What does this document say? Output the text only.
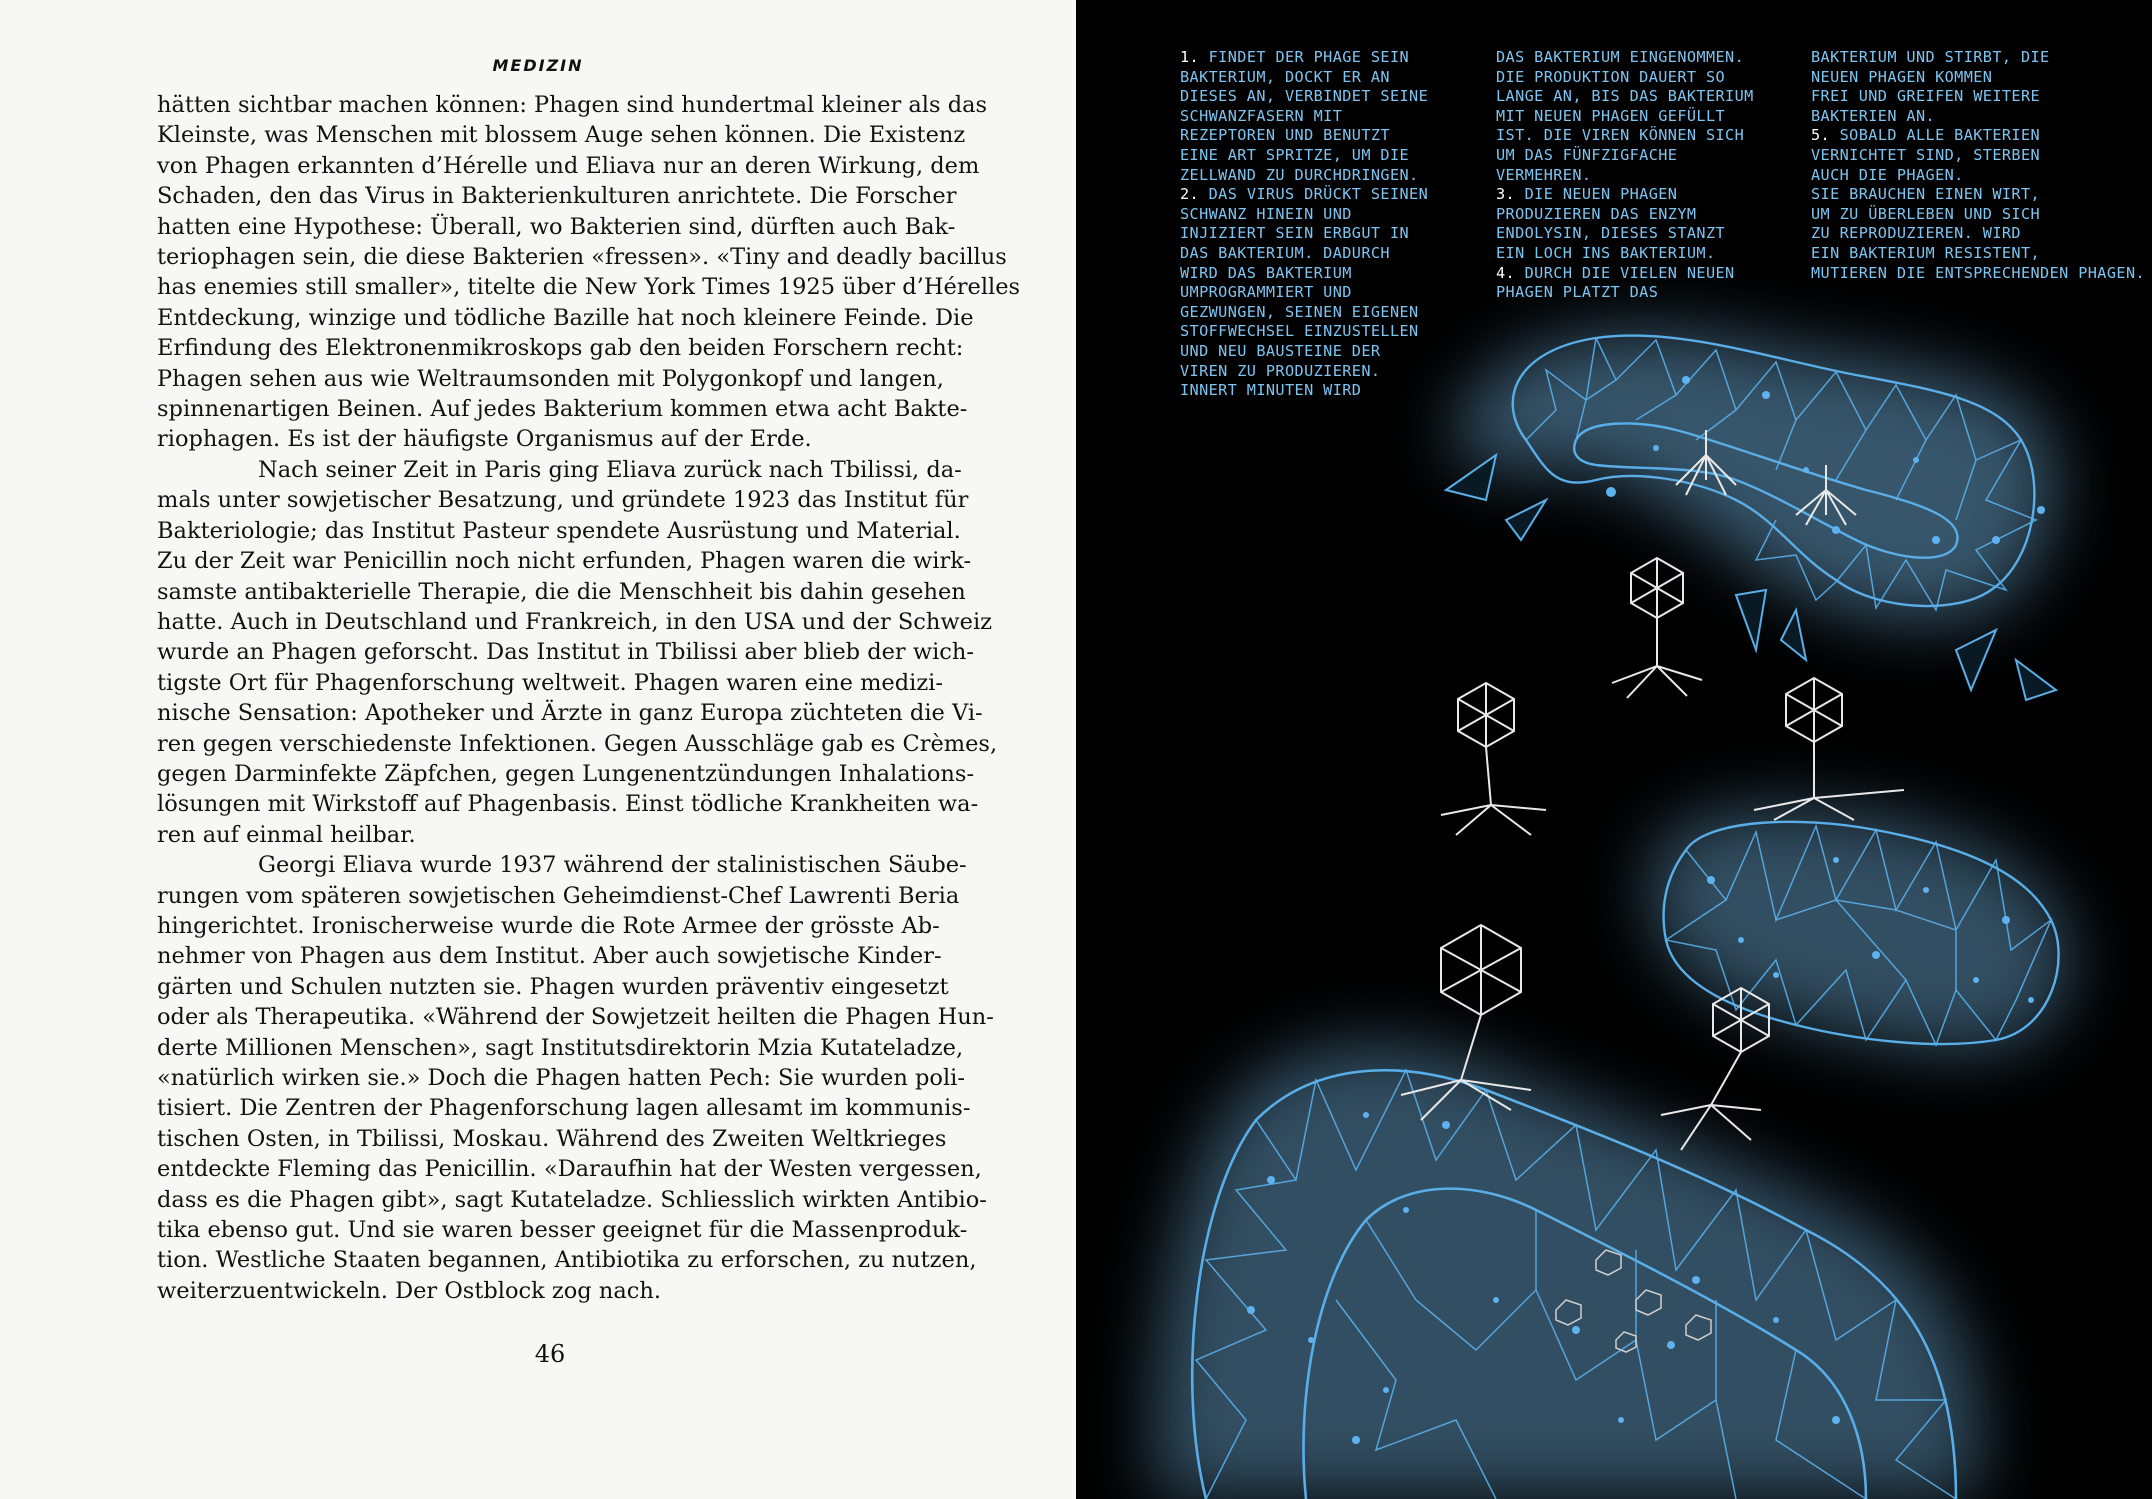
MEDIZIN
hätten sichtbar machen können: Phagen sind hundertmal kleiner als das
Kleinste, was Menschen mit blossem Auge sehen können. Die Existenz
von Phagen erkannten d’Hérelle und Eliava nur an deren Wirkung, dem
Schaden, den das Virus in Bakterienkulturen anrichtete. Die Forscher
hatten eine Hypothese: Überall, wo Bakterien sind, dürften auch Bak-
teriophagen sein, die diese Bakterien «fressen». «Tiny and deadly bacillus
has enemies still smaller», titelte die New York Times 1925 über d’Hérelles
Entdeckung, winzige und tödliche Bazille hat noch kleinere Feinde. Die
Erfindung des Elektronenmikroskops gab den beiden Forschern recht:
Phagen sehen aus wie Weltraumsonden mit Polygonkopf und langen,
spinnenartigen Beinen. Auf jedes Bakterium kommen etwa acht Bakte-
riophagen. Es ist der häufigste Organismus auf der Erde.
Nach seiner Zeit in Paris ging Eliava zurück nach Tbilissi, da-
mals unter sowjetischer Besatzung, und gründete 1923 das Institut für
Bakteriologie; das Institut Pasteur spendete Ausrüstung und Material.
Zu der Zeit war Penicillin noch nicht erfunden, Phagen waren die wirk-
samste antibakterielle Therapie, die die Menschheit bis dahin gesehen
hatte. Auch in Deutschland und Frankreich, in den USA und der Schweiz
wurde an Phagen geforscht. Das Institut in Tbilissi aber blieb der wich-
tigste Ort für Phagenforschung weltweit. Phagen waren eine medizi-
nische Sensation: Apotheker und Ärzte in ganz Europa züchteten die Vi-
ren gegen verschiedenste Infektionen. Gegen Ausschläge gab es Crèmes,
gegen Darminfekte Zäpfchen, gegen Lungenentzündungen Inhalations-
lösungen mit Wirkstoff auf Phagenbasis. Einst tödliche Krankheiten wa-
ren auf einmal heilbar.
Georgi Eliava wurde 1937 während der stalinistischen Säube-
rungen vom späteren sowjetischen Geheimdienst-Chef Lawrenti Beria
hingerichtet. Ironischerweise wurde die Rote Armee der grösste Ab-
nehmer von Phagen aus dem Institut. Aber auch sowjetische Kinder-
gärten und Schulen nutzten sie. Phagen wurden präventiv eingesetzt
oder als Therapeutika. «Während der Sowjetzeit heilten die Phagen Hun-
derte Millionen Menschen», sagt Institutsdirektorin Mzia Kutateladze,
«natürlich wirken sie.» Doch die Phagen hatten Pech: Sie wurden poli-
tisiert. Die Zentren der Phagenforschung lagen allesamt im kommunis-
tischen Osten, in Tbilissi, Moskau. Während des Zweiten Weltkrieges
entdeckte Fleming das Penicillin. «Daraufhin hat der Westen vergessen,
dass es die Phagen gibt», sagt Kutateladze. Schliesslich wirkten Antibio-
tika ebenso gut. Und sie waren besser geeignet für die Massenproduk-
tion. Westliche Staaten begannen, Antibiotika zu erforschen, zu nutzen,
weiterzuentwickeln. Der Ostblock zog nach.
46
1. FINDET DER PHAGE SEIN
BAKTERIUM, DOCKT ER AN
DIESES AN, VERBINDET SEINE
SCHWANZFASERN MIT
REZEPTOREN UND BENUTZT
EINE ART SPRITZE, UM DIE
ZELLWAND ZU DURCHDRINGEN.
2. DAS VIRUS DRÜCKT SEINEN
SCHWANZ HINEIN UND
INJIZIERT SEIN ERBGUT IN
DAS BAKTERIUM. DADURCH
WIRD DAS BAKTERIUM
UMPROGRAMMIERT UND
GEZWUNGEN, SEINEN EIGENEN
STOFFWECHSEL EINZUSTELLEN
UND NEU BAUSTEINE DER
VIREN ZU PRODUZIEREN.
INNERT MINUTEN WIRD
DAS BAKTERIUM EINGENOMMEN.
DIE PRODUKTION DAUERT SO
LANGE AN, BIS DAS BAKTERIUM
MIT NEUEN PHAGEN GEFÜLLT
IST. DIE VIREN KÖNNEN SICH
UM DAS FÜNFZIGFACHE
VERMEHREN.
3. DIE NEUEN PHAGEN
PRODUZIEREN DAS ENZYM
ENDOLYSIN, DIESES STANZT
EIN LOCH INS BAKTERIUM.
4. DURCH DIE VIELEN NEUEN
PHAGEN PLATZT DAS
BAKTERIUM UND STIRBT, DIE
NEUEN PHAGEN KOMMEN
FREI UND GREIFEN WEITERE
BAKTERIEN AN.
5. SOBALD ALLE BAKTERIEN
VERNICHTET SIND, STERBEN
AUCH DIE PHAGEN.
SIE BRAUCHEN EINEN WIRT,
UM ZU ÜBERLEBEN UND SICH
ZU REPRODUZIEREN. WIRD
EIN BAKTERIUM RESISTENT,
MUTIEREN DIE ENTSPRECHENDEN PHAGEN.
